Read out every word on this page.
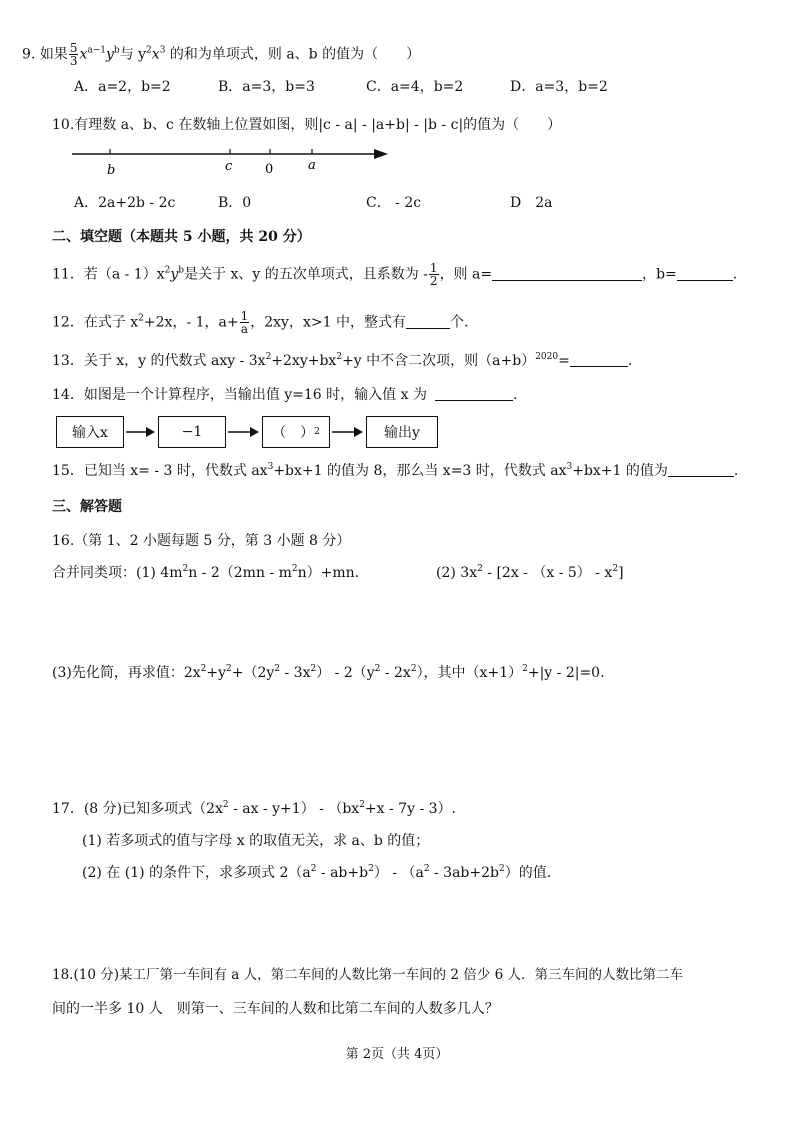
9. 如果 $\frac{5}{3} x^{a-1}y^b$与 $y^2x^3$ 的和为单项式，则 a、b 的值为（　　）
A．a=2，b=2	B．a=3，b=3	C．a=4，b=2	D．a=3，b=2
10.有理数 a、b、c 在数轴上位置如图，则|c - a| - |a+b| - |b - c|的值为（　　）
b	c	0	a
A．2a+2b - 2c	B．0	C． - 2c	D　2a
二、填空题（本题共 5 小题，共 20 分）
11．若$(a - 1)x^2y^b$是关于 x、y 的五次单项式，且系数为 - $\frac{1}{2}$ ，则 a=	，b=	.
12．在式子 $x^2+2x$，- 1，$a+ \frac{1}{a}$ ，2xy，x>1 中，整式有	个.
13．关于 x，y 的代数式 axy - $3x^2+2xy+bx^2+y$ 中不含二次项，则$(a+b)^{2020}=$	.
14．如图是一个计算程序，当输出值 y=16 时，输入值 x 为	.
输入x	−1	（　） 2	输出y
15．已知当 x= - 3 时，代数式 $ax^3+bx+1$ 的值为 8，那么当 x=3 时，代数式 $ax^3+bx+1$ 的值为	.
三、解答题
16.（第 1、2 小题每题 5 分，第 3 小题 8 分）
合并同类项：(1) $4m^2n - 2(2mn - m^2n)+mn$.	(2) $3x^2 - [2x - (x - 5) - x^2]$
(3)先化简，再求值：$2x^2+y^2+(2y^2 - 3x^2) - 2(y^2 - 2x^2)$，其中$(x+1)^2+|y - 2|=0$.
17．(8 分)已知多项式（$2x^2$ - ax - $y+1) - (bx^2+x - 7y - 3)$.
(1) 若多项式的值与字母 x 的取值无关，求 a、b 的值；
(2) 在 (1) 的条件下，求多项式 $2(a^2 - ab+b^2) - (a^2 - 3ab+2b^2)$的值.
18.(10 分)某工厂第一车间有 a 人，第二车间的人数比第一车间的 2 倍少 6 人．第三车间的人数比第二车
间的一半多 10 人　则第一、三车间的人数和比第二车间的人数多几人？
第 2页（共 4页）
